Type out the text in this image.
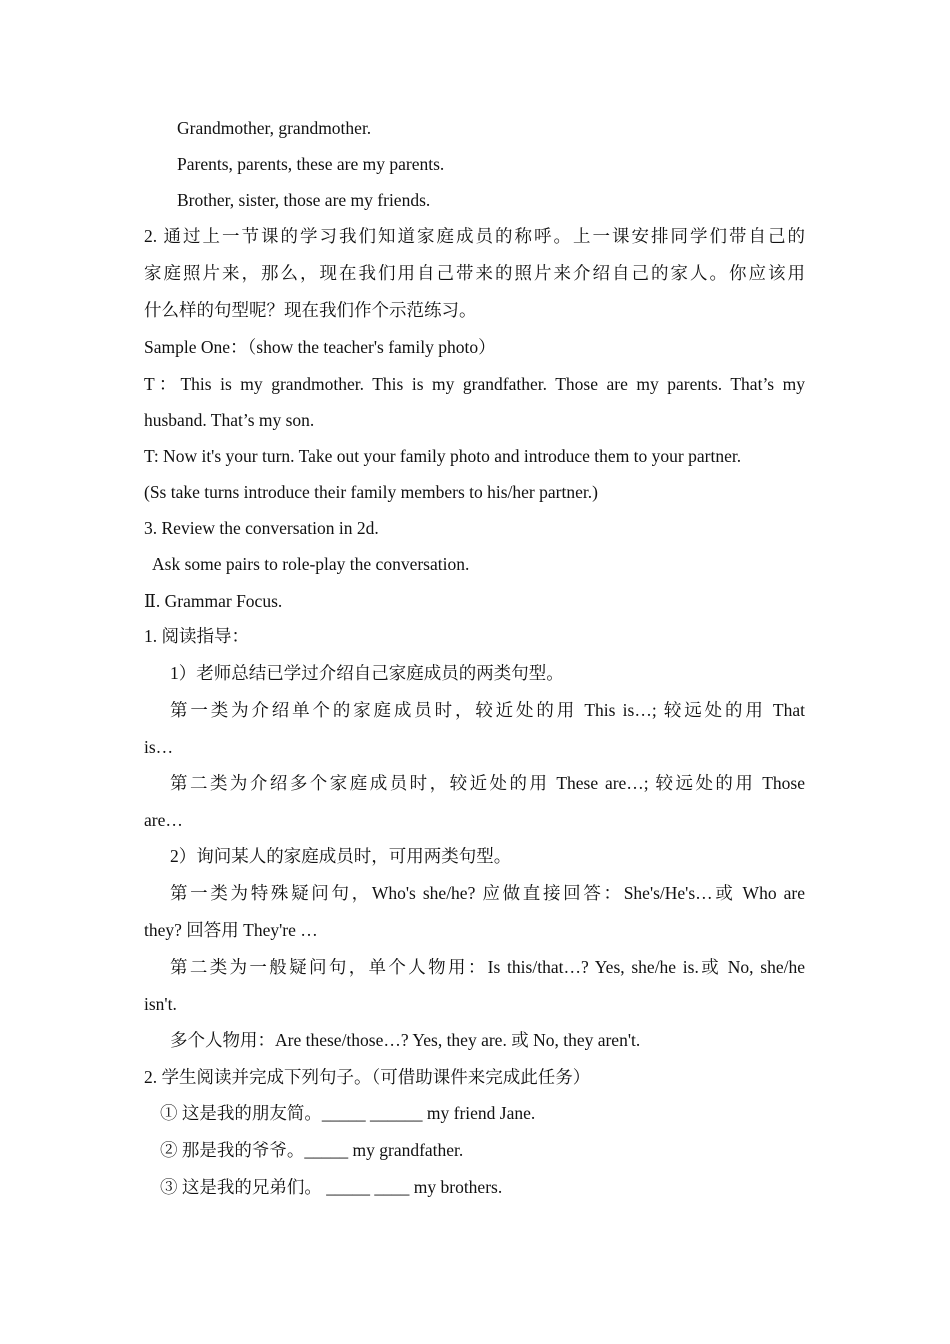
Grandmother, grandmother.
Parents, parents, these are my parents.
Brother, sister, those are my friends.
2. 通过上一节课的学习我们知道家庭成员的称呼。上一课安排同学们带自己的
家庭照片来，那么，现在我们用自己带来的照片来介绍自己的家人。你应该用
什么样的句型呢？现在我们作个示范练习。
Sample One：（show the teacher's family photo）
T：This is my grandmother. This is my grandfather. Those are my parents. That’s my
husband. That’s my son.
T: Now it's your turn. Take out your family photo and introduce them to your partner.
(Ss take turns introduce their family members to his/her partner.)
3. Review the conversation in 2d.
Ask some pairs to role-play the conversation.
Ⅱ. Grammar Focus.
1. 阅读指导：
1）老师总结已学过介绍自己家庭成员的两类句型。
第一类为介绍单个的家庭成员时，较近处的用 This is…; 较远处的用 That
is…
第二类为介绍多个家庭成员时，较近处的用 These are…; 较远处的用 Those
are…
2）询问某人的家庭成员时，可用两类句型。
第一类为特殊疑问句，Who's she/he? 应做直接回答：She's/He's…或 Who are
they? 回答用 They're …
第二类为一般疑问句，单个人物用：Is this/that…? Yes, she/he is.或 No, she/he
isn't.
多个人物用：Are these/those…? Yes, they are. 或 No, they aren't.
2. 学生阅读并完成下列句子。（可借助课件来完成此任务）
① 这是我的朋友简。_____ ______ my friend Jane.
② 那是我的爷爷。_____ my grandfather.
③ 这是我的兄弟们。 _____ ____ my brothers.
